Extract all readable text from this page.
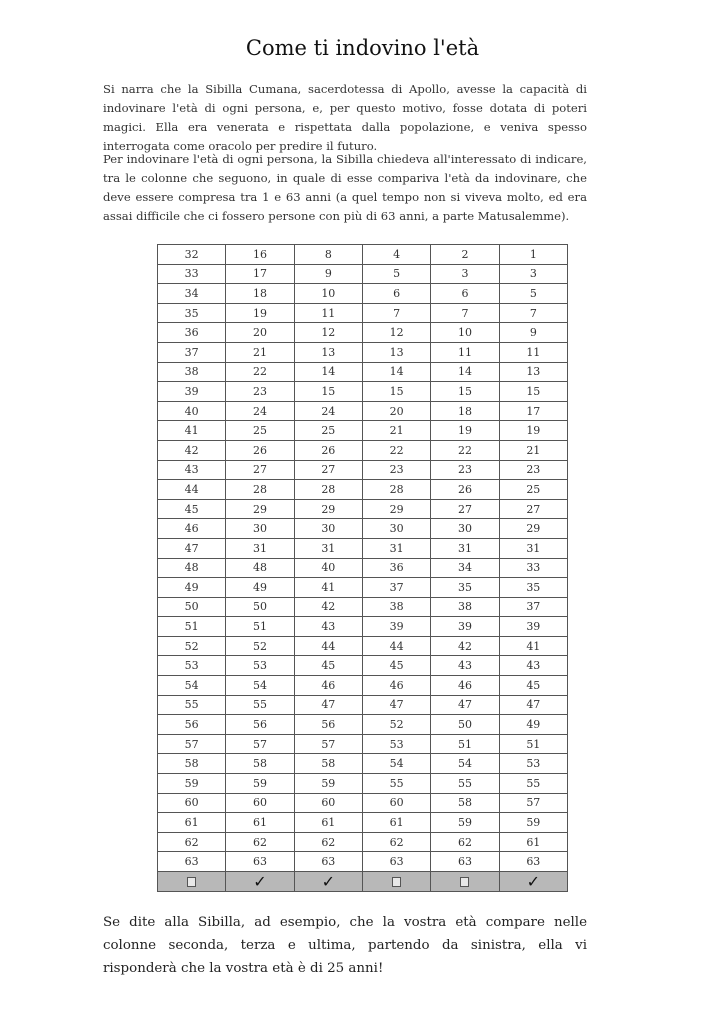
Come ti indovino l'età

Si narra che la Sibilla Cumana, sacerdotessa di Apollo, avesse la capacità di indovinare l'età di ogni persona, e, per questo motivo, fosse dotata di poteri magici. Ella era venerata e rispettata dalla popolazione, e veniva spesso interrogata come oracolo per predire il futuro.

Per indovinare l'età di ogni persona, la Sibilla chiedeva all'interessato di indicare, tra le colonne che seguono, in quale di esse compariva l'età da indovinare, che deve essere compresa tra 1 e 63 anni (a quel tempo non si viveva molto, ed era assai difficile che ci fossero persone con più di 63 anni, a parte Matusalemme).

32	16	8	4	2	1
33	17	9	5	3	3
34	18	10	6	6	5
35	19	11	7	7	7
36	20	12	12	10	9
37	21	13	13	11	11
38	22	14	14	14	13
39	23	15	15	15	15
40	24	24	20	18	17
41	25	25	21	19	19
42	26	26	22	22	21
43	27	27	23	23	23
44	28	28	28	26	25
45	29	29	29	27	27
46	30	30	30	30	29
47	31	31	31	31	31
48	48	40	36	34	33
49	49	41	37	35	35
50	50	42	38	38	37
51	51	43	39	39	39
52	52	44	44	42	41
53	53	45	45	43	43
54	54	46	46	46	45
55	55	47	47	47	47
56	56	56	52	50	49
57	57	57	53	51	51
58	58	58	54	54	53
59	59	59	55	55	55
60	60	60	60	58	57
61	61	61	61	59	59
62	62	62	62	62	61
63	63	63	63	63	63
	✓	✓			✓

Se dite alla Sibilla, ad esempio, che la vostra età compare nelle colonne seconda, terza e ultima, partendo da sinistra, ella vi risponderà che la vostra età è di 25 anni!
